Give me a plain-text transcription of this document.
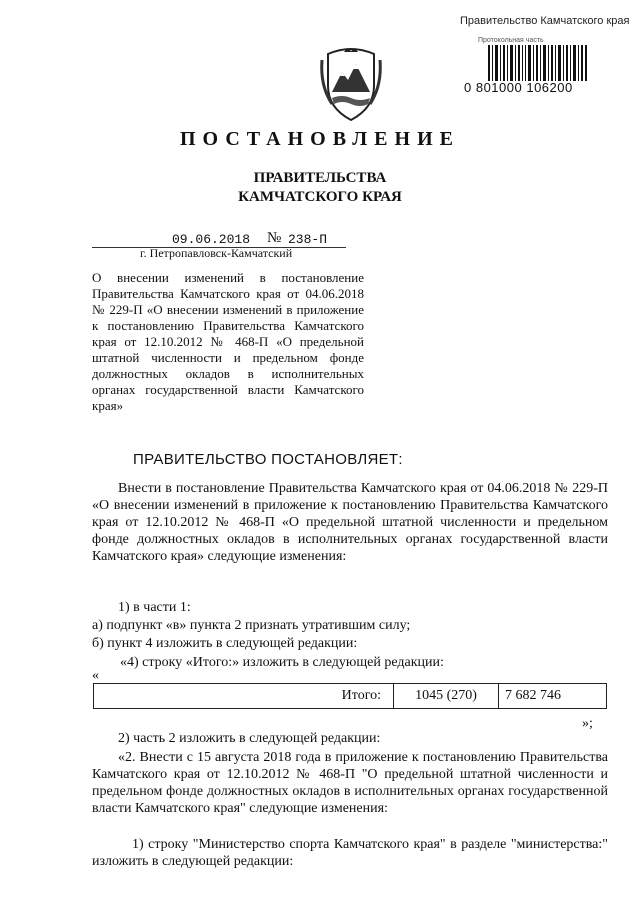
Правительство Камчатского края
Протокольная часть
0 801000 106200
ПОСТАНОВЛЕНИЕ
ПРАВИТЕЛЬСТВА
КАМЧАТСКОГО КРАЯ
09.06.2018 № 238-П
г. Петропавловск-Камчатский
О внесении изменений в постановление Правительства Камчатского края от 04.06.2018 № 229-П «О внесении изменений в приложение к постановлению Правительства Камчатского края от 12.10.2012 № 468-П «О предельной штатной численности и предельном фонде должностных окладов в исполнительных органах государственной власти Камчатского края»
ПРАВИТЕЛЬСТВО ПОСТАНОВЛЯЕТ:
Внести в постановление Правительства Камчатского края от 04.06.2018 № 229-П «О внесении изменений в приложение к постановлению Правительства Камчатского края от 12.10.2012 № 468-П «О предельной штатной численности и предельном фонде должностных окладов в исполнительных органах государственной власти Камчатского края» следующие изменения:
1) в части 1:
а) подпункт «в» пункта 2 признать утратившим силу;
б) пункт 4 изложить в следующей редакции:
«4) строку «Итого:» изложить в следующей редакции:
«
Итого:	1045 (270)	7 682 746
»;
2) часть 2 изложить в следующей редакции:
«2. Внести с 15 августа 2018 года в приложение к постановлению Правительства Камчатского края от 12.10.2012 № 468-П "О предельной штатной численности и предельном фонде должностных окладов в исполнительных органах государственной власти Камчатского края" следующие изменения:
1) строку "Министерство спорта Камчатского края" в разделе "министерства:" изложить в следующей редакции:
